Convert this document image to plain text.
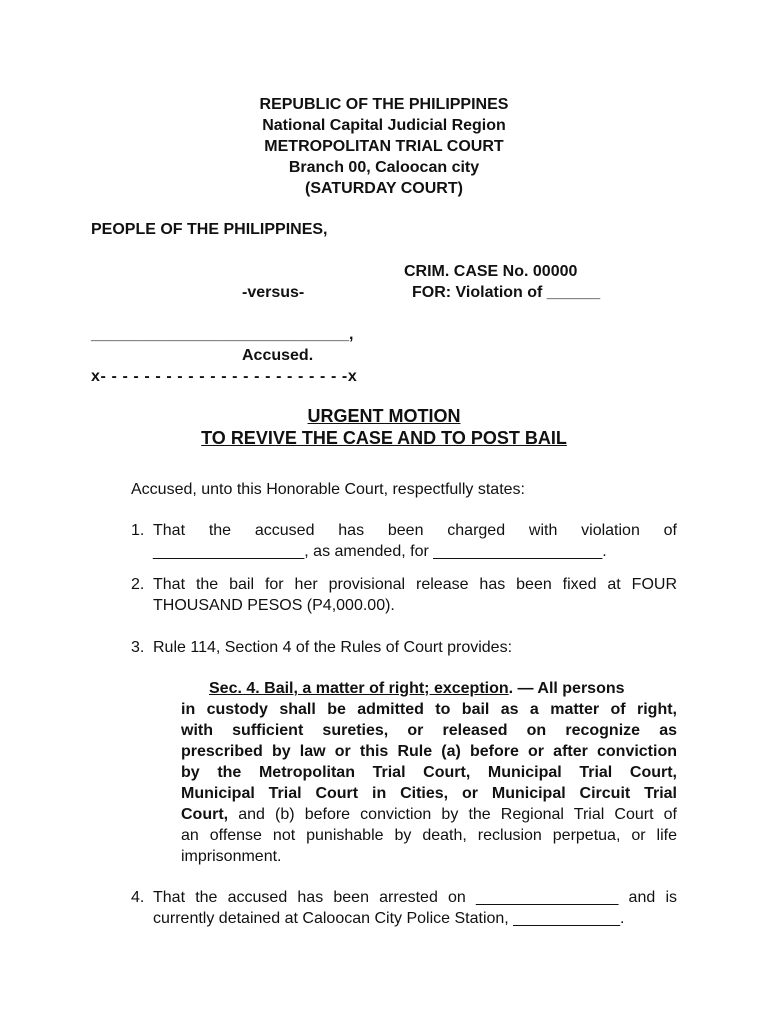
REPUBLIC OF THE PHILIPPINES
National Capital Judicial Region
METROPOLITAN TRIAL COURT
Branch 00, Caloocan city
(SATURDAY COURT)
PEOPLE OF THE PHILIPPINES,
CRIM. CASE No. 00000
-versus-	FOR: Violation of ______
_____________________________,
Accused.
x- - - - - - - - - - - - - - - - - - - - - - -x
URGENT MOTION
TO REVIVE THE CASE AND TO POST BAIL
Accused, unto this Honorable Court, respectfully states:
1. That the accused has been charged with violation of
_________________, as amended, for ___________________.
2. That the bail for her provisional release has been fixed at FOUR
THOUSAND PESOS (P4,000.00).
3. Rule 114, Section 4 of the Rules of Court provides:
Sec. 4. Bail, a matter of right; exception. — All persons
in custody shall be admitted to bail as a matter of right,
with sufficient sureties, or released on recognize as
prescribed by law or this Rule (a) before or after conviction
by the Metropolitan Trial Court, Municipal Trial Court,
Municipal Trial Court in Cities, or Municipal Circuit Trial
Court, and (b) before conviction by the Regional Trial Court of
an offense not punishable by death, reclusion perpetua, or life
imprisonment.
4. That the accused has been arrested on ________________ and is
currently detained at Caloocan City Police Station, ____________.
